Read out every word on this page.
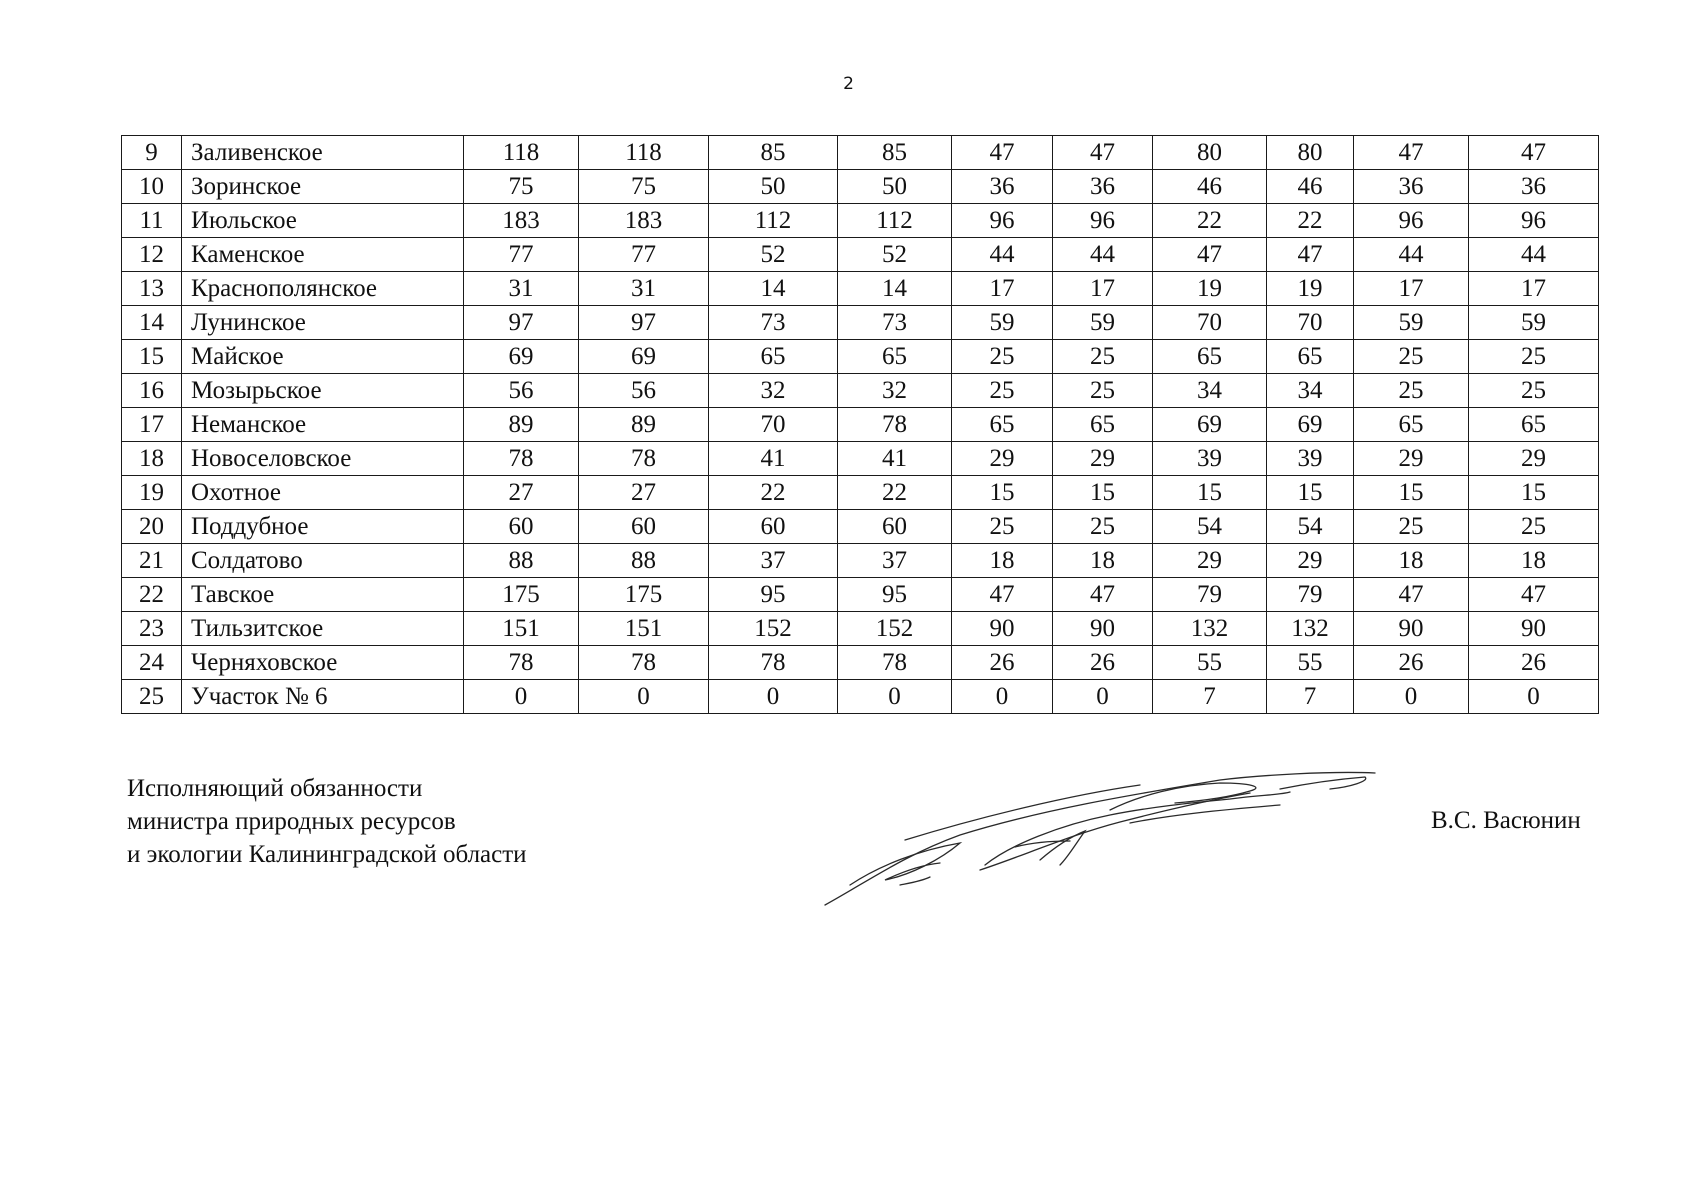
2
9	Заливенское	118	118	85	85	47	47	80	80	47	47
10	Зоринское	75	75	50	50	36	36	46	46	36	36
11	Июльское	183	183	112	112	96	96	22	22	96	96
12	Каменское	77	77	52	52	44	44	47	47	44	44
13	Краснополянское	31	31	14	14	17	17	19	19	17	17
14	Лунинское	97	97	73	73	59	59	70	70	59	59
15	Майское	69	69	65	65	25	25	65	65	25	25
16	Мозырьское	56	56	32	32	25	25	34	34	25	25
17	Неманское	89	89	70	78	65	65	69	69	65	65
18	Новоселовское	78	78	41	41	29	29	39	39	29	29
19	Охотное	27	27	22	22	15	15	15	15	15	15
20	Поддубное	60	60	60	60	25	25	54	54	25	25
21	Солдатово	88	88	37	37	18	18	29	29	18	18
22	Тавское	175	175	95	95	47	47	79	79	47	47
23	Тильзитское	151	151	152	152	90	90	132	132	90	90
24	Черняховское	78	78	78	78	26	26	55	55	26	26
25	Участок № 6	0	0	0	0	0	0	7	7	0	0
Исполняющий обязанности
министра природных ресурсов
и экологии Калининградской области
В.С. Васюнин
